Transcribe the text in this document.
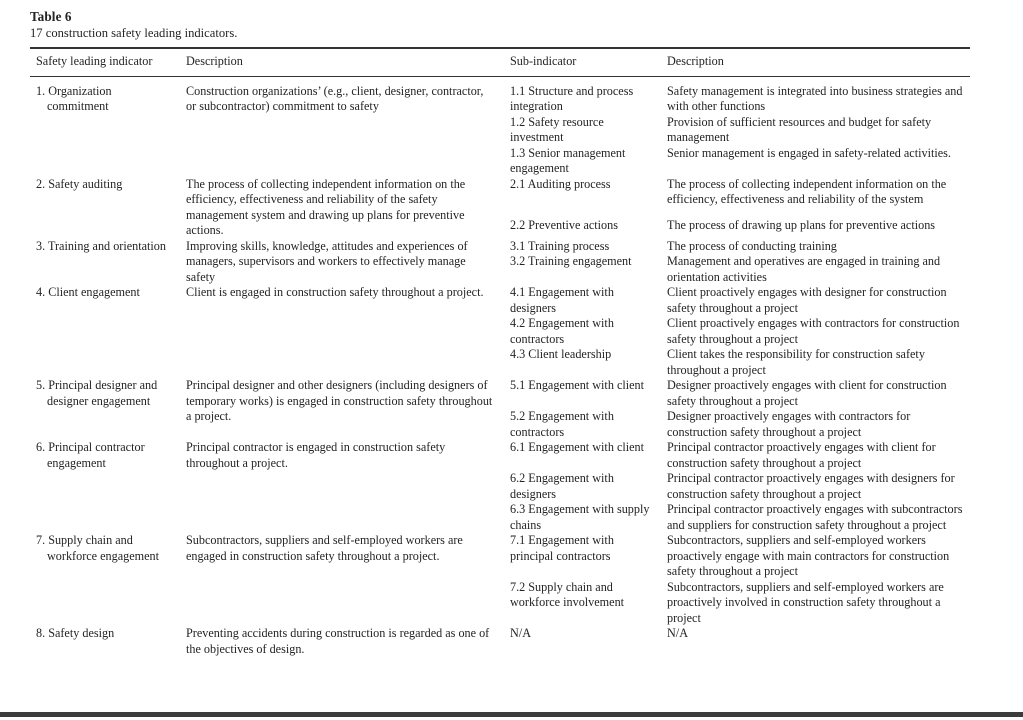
Table 6
17 construction safety leading indicators.
Safety leading indicator	Description	Sub-indicator	Description
1. Organization commitment	Construction organizations’ (e.g., client, designer, contractor, or subcontractor) commitment to safety	1.1 Structure and process integration	Safety management is integrated into business strategies and with other functions
		1.2 Safety resource investment	Provision of sufficient resources and budget for safety management
		1.3 Senior management engagement	Senior management is engaged in safety-related activities.
2. Safety auditing	The process of collecting independent information on the efficiency, effectiveness and reliability of the safety management system and drawing up plans for preventive actions.	2.1 Auditing process	The process of collecting independent information on the efficiency, effectiveness and reliability of the system
		2.2 Preventive actions	The process of drawing up plans for preventive actions
3. Training and orientation	Improving skills, knowledge, attitudes and experiences of managers, supervisors and workers to effectively manage safety	3.1 Training process	The process of conducting training
		3.2 Training engagement	Management and operatives are engaged in training and orientation activities
4. Client engagement	Client is engaged in construction safety throughout a project.	4.1 Engagement with designers	Client proactively engages with designer for construction safety throughout a project
		4.2 Engagement with contractors	Client proactively engages with contractors for construction safety throughout a project
		4.3 Client leadership	Client takes the responsibility for construction safety throughout a project
5. Principal designer and designer engagement	Principal designer and other designers (including designers of temporary works) is engaged in construction safety throughout a project.	5.1 Engagement with client	Designer proactively engages with client for construction safety throughout a project
		5.2 Engagement with contractors	Designer proactively engages with contractors for construction safety throughout a project
6. Principal contractor engagement	Principal contractor is engaged in construction safety throughout a project.	6.1 Engagement with client	Principal contractor proactively engages with client for construction safety throughout a project
		6.2 Engagement with designers	Principal contractor proactively engages with designers for construction safety throughout a project
		6.3 Engagement with supply chains	Principal contractor proactively engages with subcontractors and suppliers for construction safety throughout a project
7. Supply chain and workforce engagement	Subcontractors, suppliers and self-employed workers are engaged in construction safety throughout a project.	7.1 Engagement with principal contractors	Subcontractors, suppliers and self-employed workers proactively engage with main contractors for construction safety throughout a project
		7.2 Supply chain and workforce involvement	Subcontractors, suppliers and self-employed workers are proactively involved in construction safety throughout a project
8. Safety design	Preventing accidents during construction is regarded as one of the objectives of design.	N/A	N/A
